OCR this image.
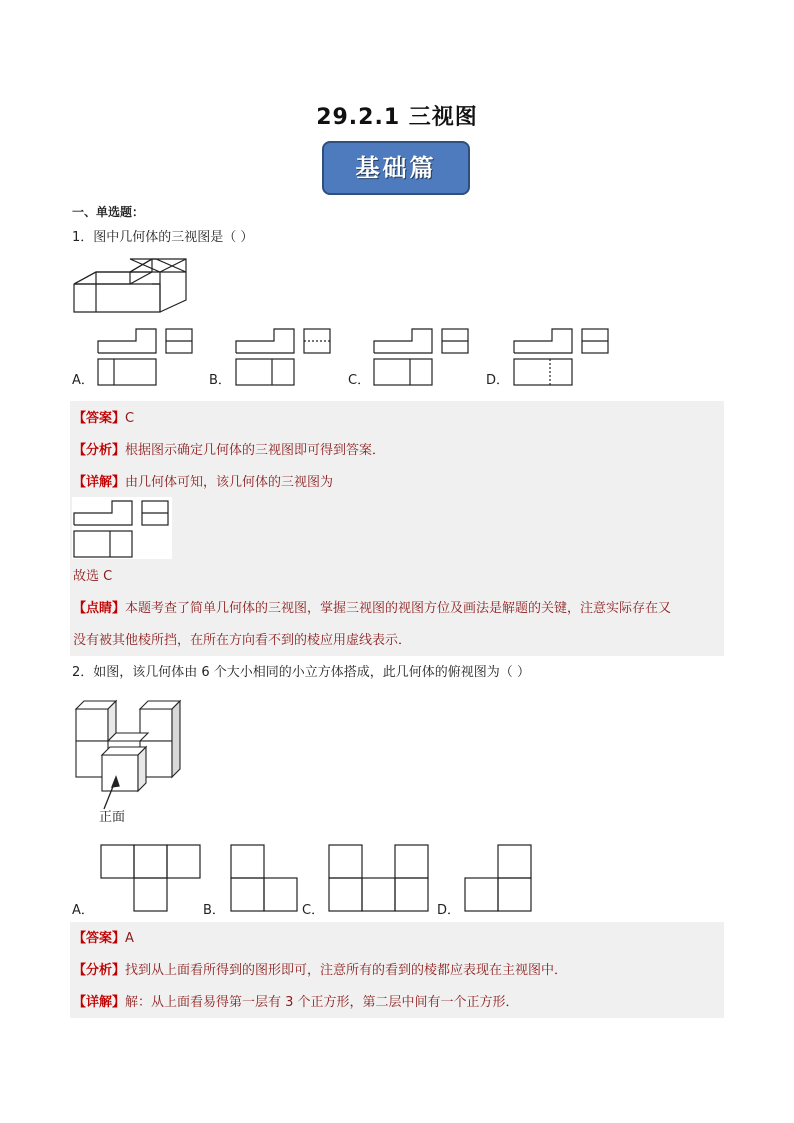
29.2.1 三视图
基础篇
一、单选题：
1．图中几何体的三视图是（ ）
A．	B．	C．	D．
【答案】C
【分析】根据图示确定几何体的三视图即可得到答案．
【详解】由几何体可知，该几何体的三视图为
故选 C
【点睛】本题考查了简单几何体的三视图，掌握三视图的视图方位及画法是解题的关键，注意实际存在又
没有被其他棱所挡，在所在方向看不到的棱应用虚线表示．
2．如图，该几何体由 6 个大小相同的小立方体搭成，此几何体的俯视图为（ ）
正面
A．	B．	C．	D．
【答案】A
【分析】找到从上面看所得到的图形即可，注意所有的看到的棱都应表现在主视图中．
【详解】解：从上面看易得第一层有 3 个正方形，第二层中间有一个正方形．
